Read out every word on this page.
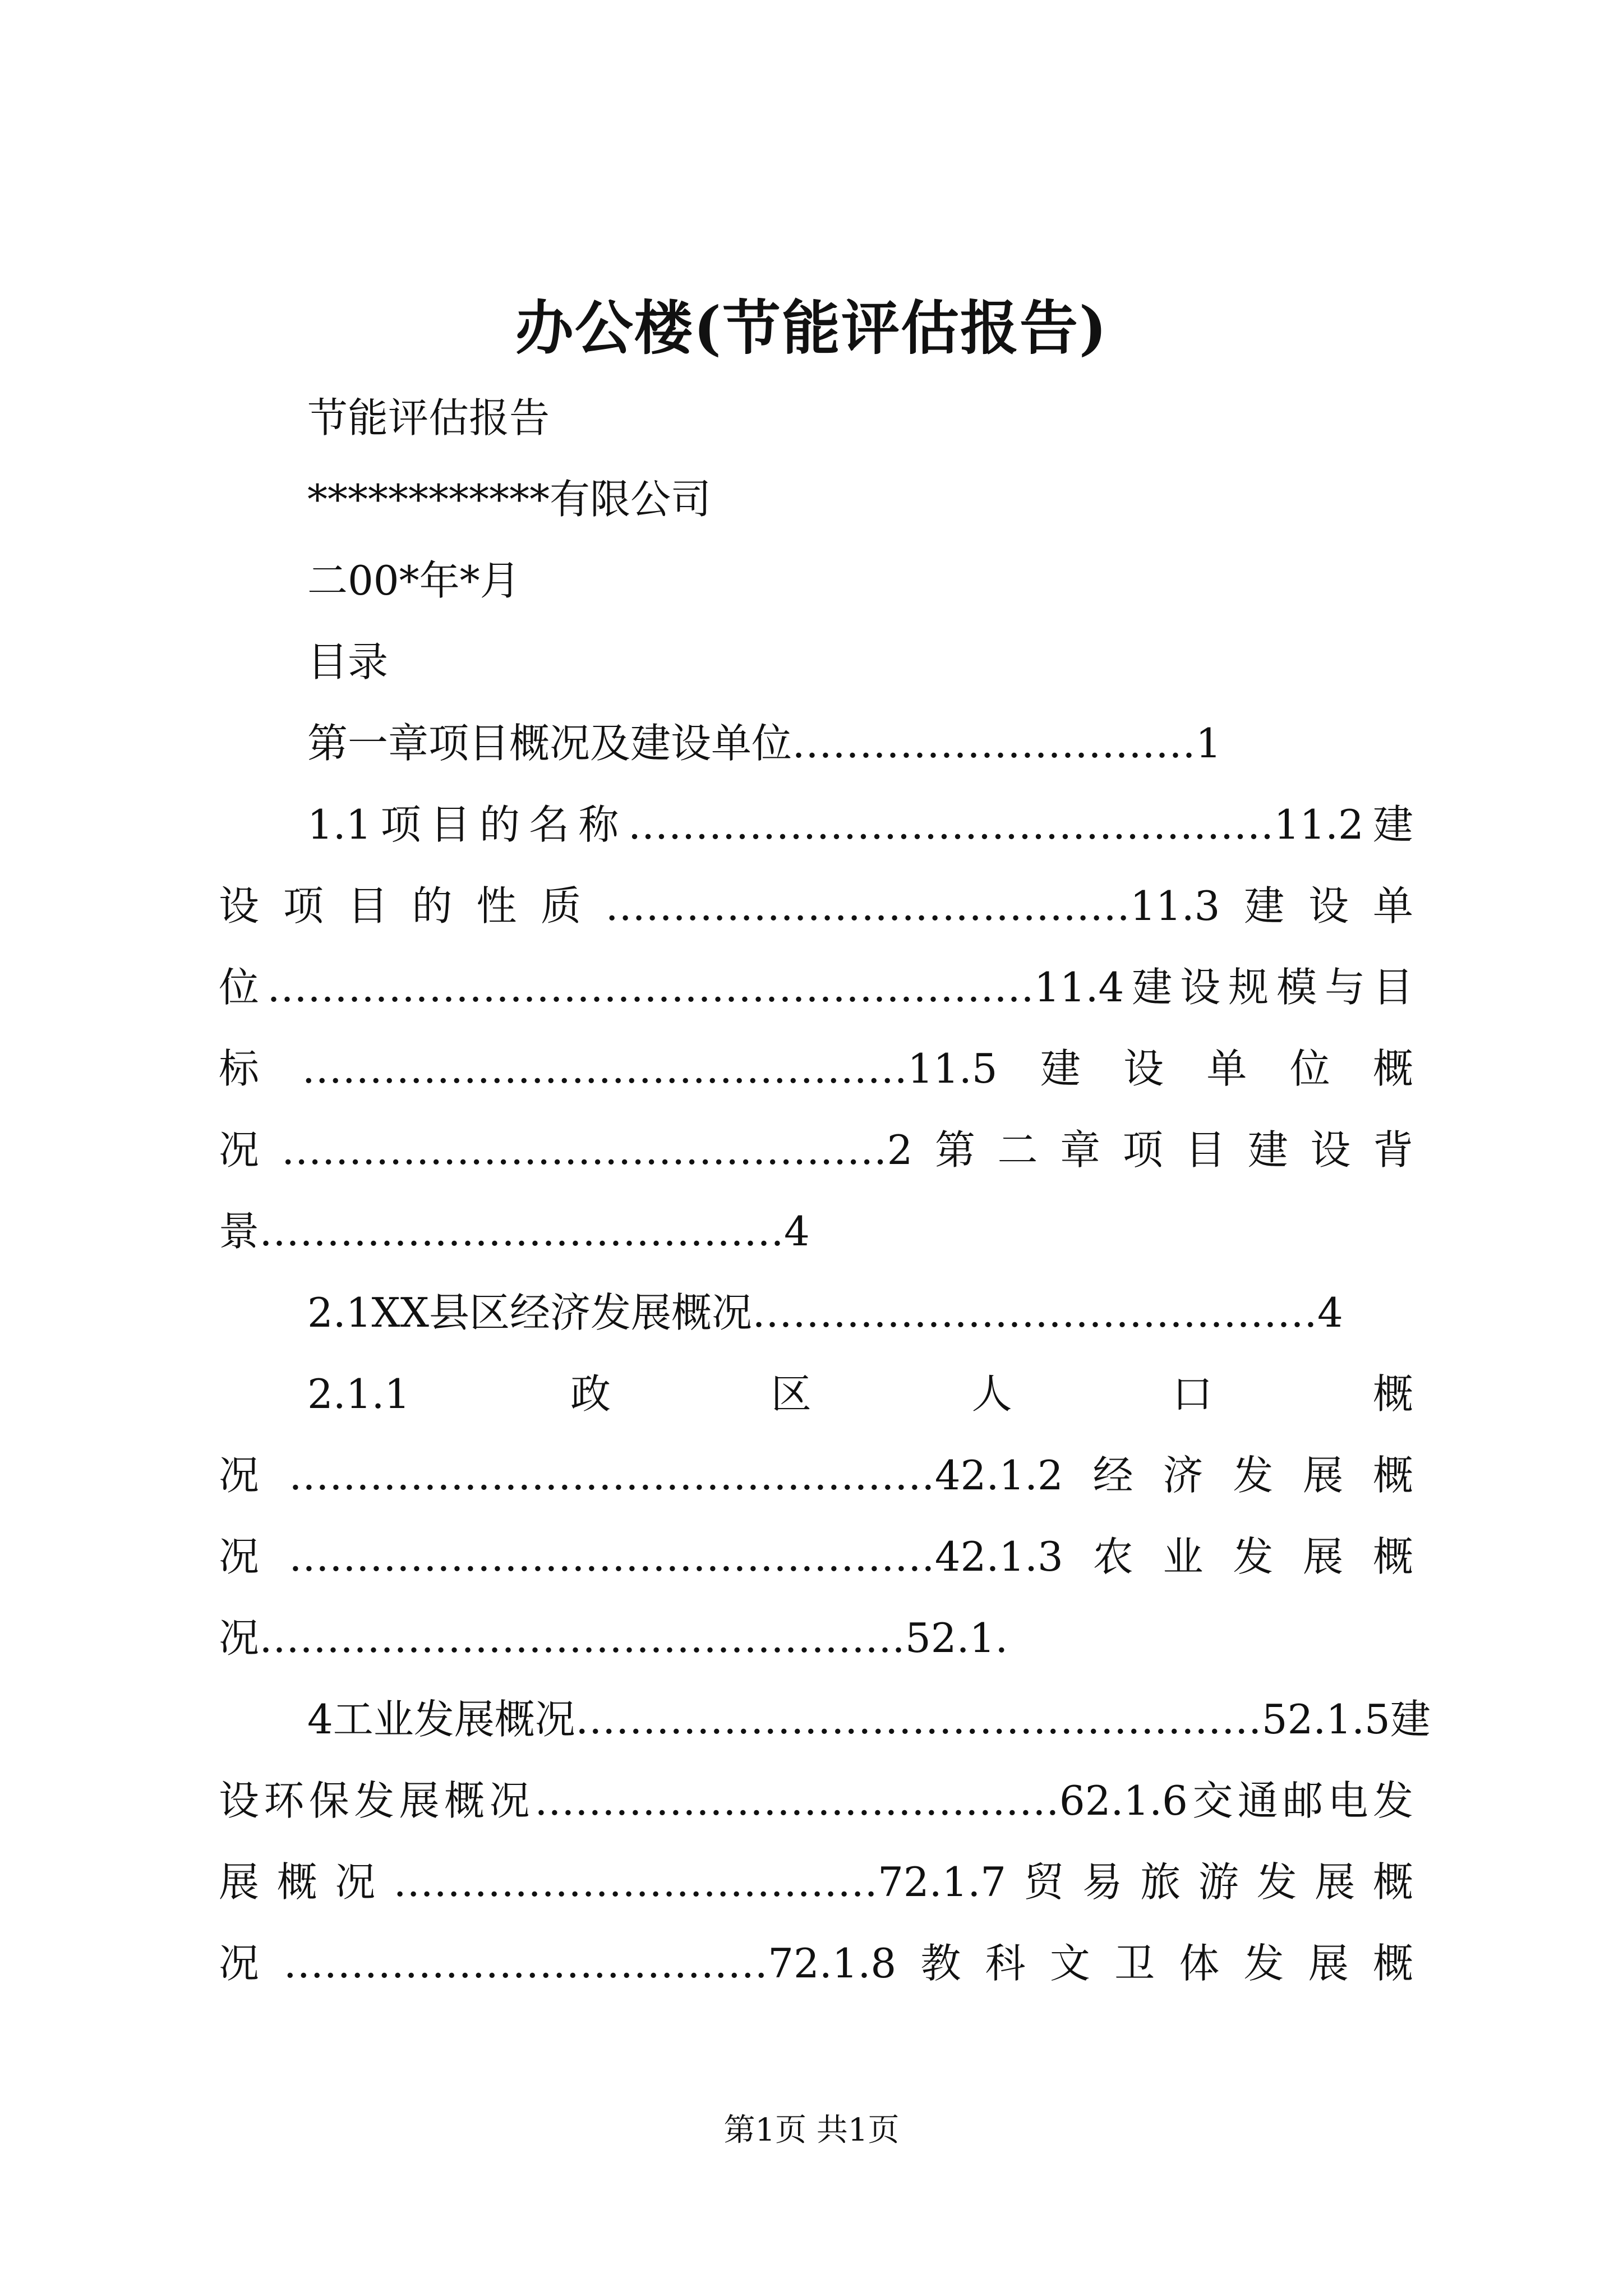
办公楼(节能评估报告)
节能评估报告
************有限公司
二00*年*月
目录
第一章项目概况及建设单位…………………………1
1.1项目的名称…………………………………………11.2建
设项目的性质…………………………………11.3建设单
位…………………………………………………11.4建设规模与目
标………………………………………11.5建设单位概
况………………………………………2第二章项目建设背
景…………………………………4
2.1XX县区经济发展概况……………………………………4
2.1.1政区人口概
况…………………………………………42.1.2经济发展概
况…………………………………………42.1.3农业发展概
况…………………………………………52.1.
4工业发展概况……………………………………………52.1.5建
设环保发展概况…………………………………62.1.6交通邮电发
展概况………………………………72.1.7贸易旅游发展概
况………………………………72.1.8教科文卫体发展概
第1页 共1页
